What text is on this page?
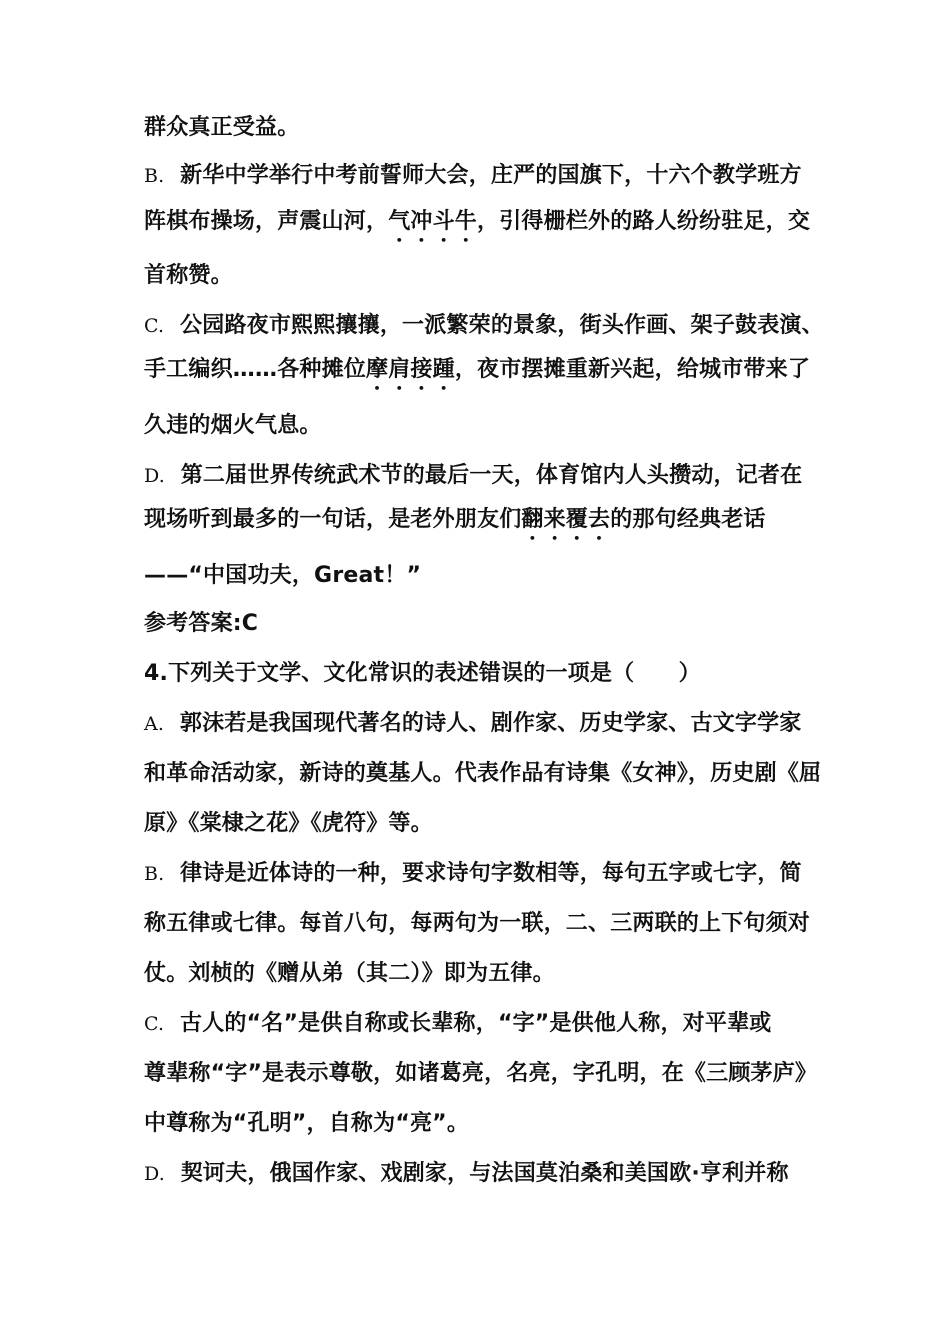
群众真正受益。
B. 新华中学举行中考前誓师大会，庄严的国旗下，十六个教学班方
阵棋布操场，声震山河，气冲斗牛，引得栅栏外的路人纷纷驻足，交
首称赞。
C. 公园路夜市熙熙攘攘，一派繁荣的景象，街头作画、架子鼓表演、
手工编织……各种摊位摩肩接踵，夜市摆摊重新兴起，给城市带来了
久违的烟火气息。
D. 第二届世界传统武术节的最后一天，体育馆内人头攒动，记者在
现场听到最多的一句话，是老外朋友们翻来覆去的那句经典老话
——“中国功夫，Great！”
参考答案:C
4.下列关于文学、文化常识的表述错误的一项是（　　）
A. 郭沫若是我国现代著名的诗人、剧作家、历史学家、古文字学家
和革命活动家，新诗的奠基人。代表作品有诗集《女神》，历史剧《屈
原》《棠棣之花》《虎符》等。
B. 律诗是近体诗的一种，要求诗句字数相等，每句五字或七字，简
称五律或七律。每首八句，每两句为一联，二、三两联的上下句须对
仗。刘桢的《赠从弟（其二）》即为五律。
C. 古人的“名”是供自称或长辈称，“字”是供他人称，对平辈或
尊辈称“字”是表示尊敬，如诸葛亮，名亮，字孔明，在《三顾茅庐》
中尊称为“孔明”，自称为“亮”。
D. 契诃夫，俄国作家、戏剧家，与法国莫泊桑和美国欧·亨利并称
